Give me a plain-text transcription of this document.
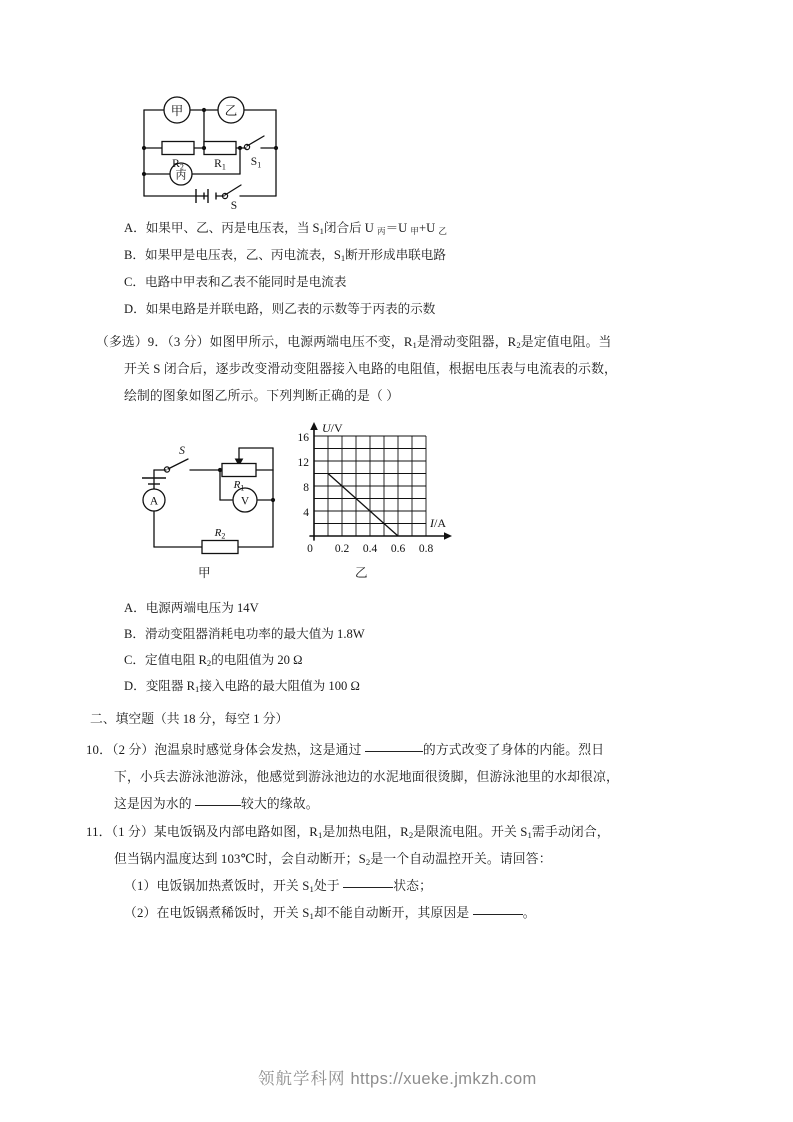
甲	乙
丙
$R_2$	$R_1$ $S_1$
S
A．如果甲、乙、丙是电压表，当 $S_1$闭合后 U $_丙$＝U $_甲$+U $_乙$
B．如果甲是电压表，乙、丙电流表，$S_1$断开形成串联电路
C．电路中甲表和乙表不能同时是电流表
D．如果电路是并联电路，则乙表的示数等于丙表的示数
（多选）9．（3 分）如图甲所示，电源两端电压不变，$R_1$是滑动变阻器，$R_2$是定值电阻。当
开关 S 闭合后，逐步改变滑动变阻器接入电路的电阻值，根据电压表与电流表的示数，
绘制的图象如图乙所示。下列判断正确的是（ ）
A	V
S
$R_1$
$R_2$
甲
U/V
I/A
16
12
8
4
0 0.2 0.4 0.6 0.8
乙
A．电源两端电压为 14V
B．滑动变阻器消耗电功率的最大值为 1.8W
C．定值电阻 $R_2$的电阻值为 20 Ω
D．变阻器 $R_1$接入电路的最大阻值为 100 Ω
二、填空题（共 18 分，每空 1 分）
10．（2 分）泡温泉时感觉身体会发热，这是通过	的方式改变了身体的内能。烈日
下，小兵去游泳池游泳，他感觉到游泳池边的水泥地面很烫脚，但游泳池里的水却很凉，
这是因为水的	较大的缘故。
11．（1 分）某电饭锅及内部电路如图，$R_1$是加热电阻，$R_2$是限流电阻。开关 $S_1$需手动闭合，
但当锅内温度达到 103℃时，会自动断开；$S_2$是一个自动温控开关。请回答：
（1）电饭锅加热煮饭时，开关 $S_1$处于	状态；
（2）在电饭锅煮稀饭时，开关 $S_1$却不能自动断开，其原因是	。
领航学科网 https://xueke.jmkzh.com
